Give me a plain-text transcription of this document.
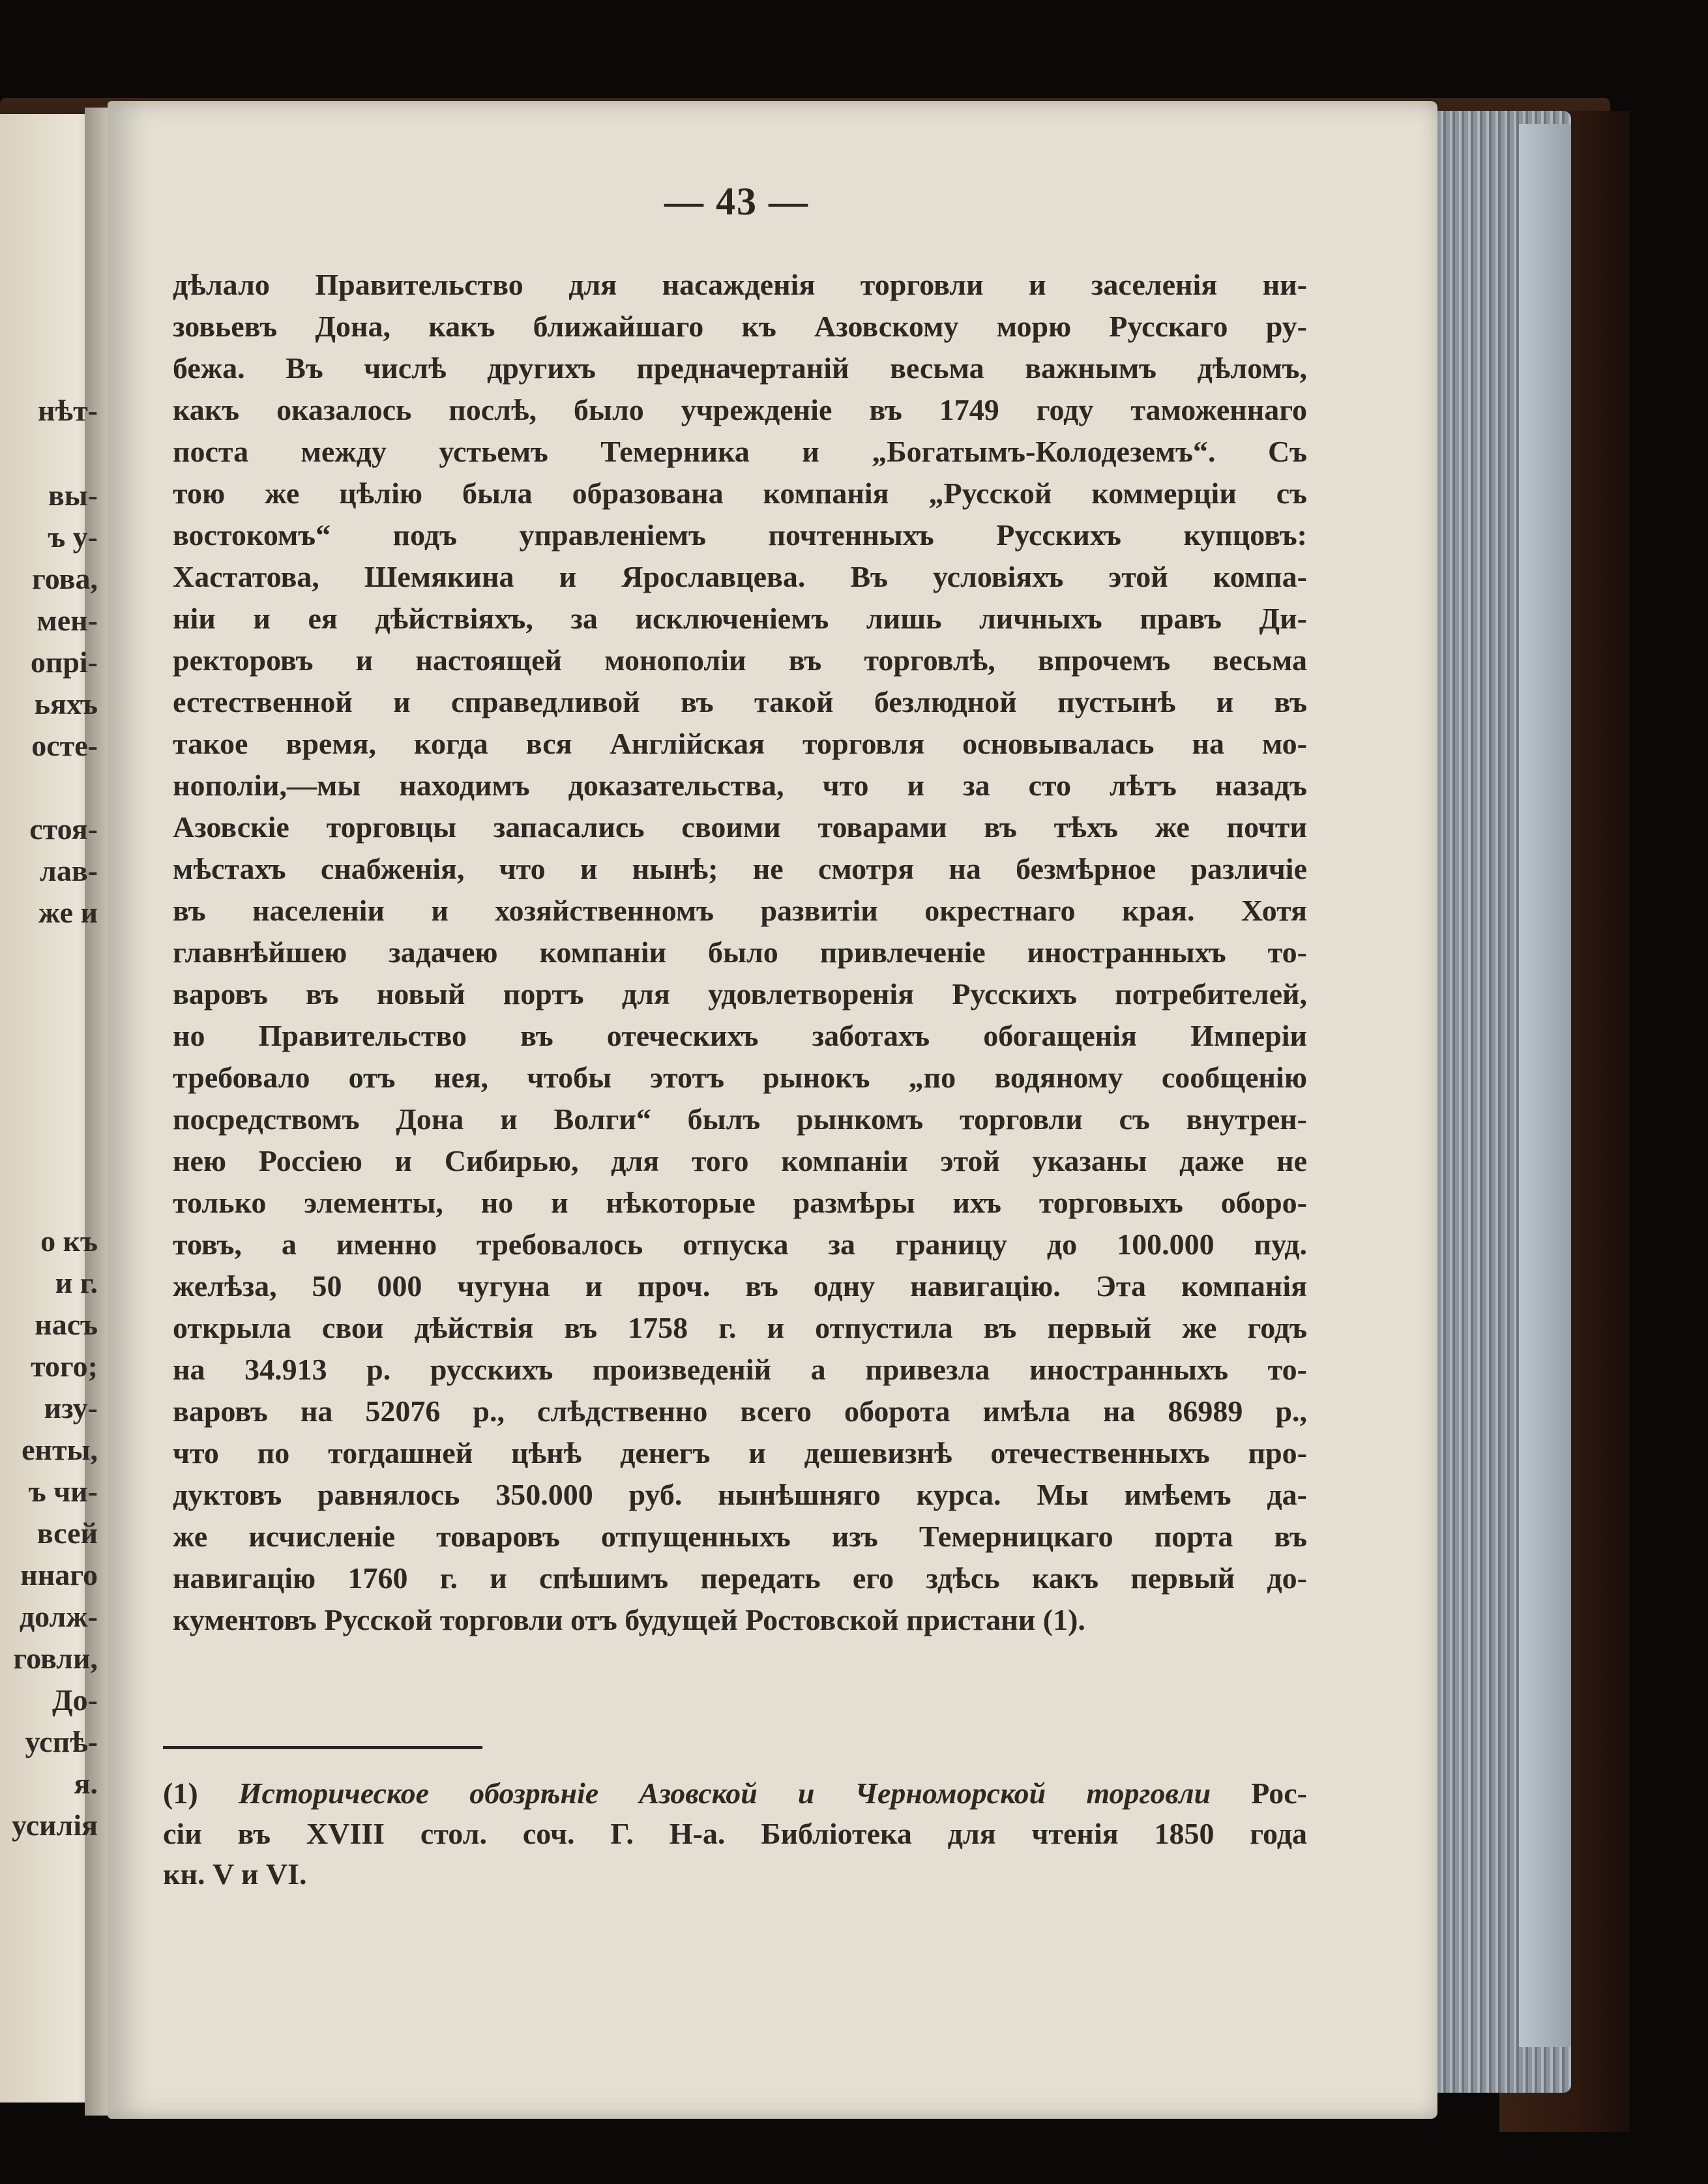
нѣт-
вы-
ъ у-
гова,
мен-
опрі-
ьяхъ
остe-
стоя-
лав-
же и
о къ
и г.
насъ
того;
изу-
енты,
ъ чи-
всей
ннаго
долж-
говли,
До-
успѣ-
я.
усилія
— 43 —
дѣлало Правительство для насажденія торговли и заселенія ни-
зовьевъ Дона, какъ ближайшаго къ Азовскому морю Русскаго ру-
бежа. Въ числѣ другихъ предначертаній весьма важнымъ дѣломъ,
какъ оказалось послѣ, было учрежденіе въ 1749 году таможеннаго
поста между устьемъ Темерника и „Богатымъ-Колодеземъ“. Съ
тою же цѣлію была образована компанія „Русской коммерціи съ
востокомъ“ подъ управленіемъ почтенныхъ Русскихъ купцовъ:
Хастатова, Шемякина и Ярославцева. Въ условіяхъ этой компа-
ніи и ея дѣйствіяхъ, за исключеніемъ лишь личныхъ правъ Ди-
ректоровъ и настоящей монополіи въ торговлѣ, впрочемъ весьма
естественной и справедливой въ такой безлюдной пустынѣ и въ
такое время, когда вся Англійская торговля основывалась на мо-
нополіи,—мы находимъ доказательства, что и за сто лѣтъ назадъ
Азовскіе торговцы запасались своими товарами въ тѣхъ же почти
мѣстахъ снабженія, что и нынѣ; не смотря на безмѣрное различіе
въ населеніи и хозяйственномъ развитіи окрестнаго края. Хотя
главнѣйшею задачею компаніи было привлеченіе иностранныхъ то-
варовъ въ новый портъ для удовлетворенія Русскихъ потребителей,
но Правительство въ отеческихъ заботахъ обогащенія Имперіи
требовало отъ нея, чтобы этотъ рынокъ „по водяному сообщенію
посредствомъ Дона и Волги“ былъ рынкомъ торговли съ внутрен-
нею Россіею и Сибирью, для того компаніи этой указаны даже не
только элементы, но и нѣкоторые размѣры ихъ торговыхъ оборо-
товъ, а именно требовалось отпуска за границу до 100.000 пуд.
желѣза, 50 000 чугуна и проч. въ одну навигацію. Эта компанія
открыла свои дѣйствія въ 1758 г. и отпустила въ первый же годъ
на 34.913 р. русскихъ произведеній а привезла иностранныхъ то-
варовъ на 52076 р., слѣдственно всего оборота имѣла на 86989 р.,
что по тогдашней цѣнѣ денегъ и дешевизнѣ отечественныхъ про-
дуктовъ равнялось 350.000 руб. нынѣшняго курса. Мы имѣемъ да-
же исчисленіе товаровъ отпущенныхъ изъ Темерницкаго порта въ
навигацію 1760 г. и спѣшимъ передать его здѣсь какъ первый до-
кументовъ Русской торговли отъ будущей Ростовской пристани (1).
(1) Историческое обозрѣніе Азовской и Черноморской торговли Рос-
сіи въ XVIII стол. соч. Г. Н-а. Библіотека для чтенія 1850 года
кн. V и VI.
